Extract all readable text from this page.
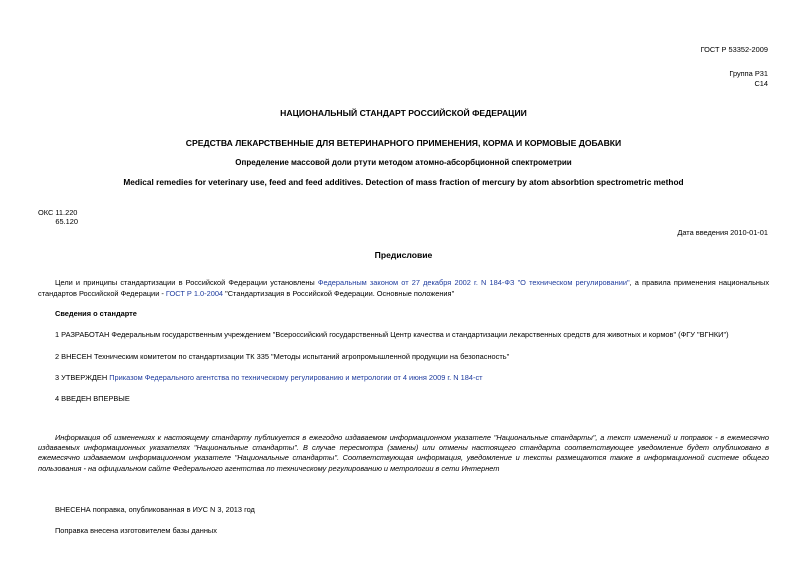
ГОСТ Р 53352-2009
Группа Р31
С14
НАЦИОНАЛЬНЫЙ СТАНДАРТ РОССИЙСКОЙ ФЕДЕРАЦИИ
СРЕДСТВА ЛЕКАРСТВЕННЫЕ ДЛЯ ВЕТЕРИНАРНОГО ПРИМЕНЕНИЯ, КОРМА И КОРМОВЫЕ ДОБАВКИ
Определение массовой доли ртути методом атомно-абсорбционной спектрометрии
Medical remedies for veterinary use, feed and feed additives. Detection of mass fraction of mercury by atom absorbtion spectrometric method
ОКС 11.220
65.120
Дата введения 2010-01-01
Предисловие
Цели и принципы стандартизации в Российской Федерации установлены Федеральным законом от 27 декабря 2002 г. N 184-ФЗ "О техническом регулировании", а правила применения национальных стандартов Российской Федерации - ГОСТ Р 1.0-2004 "Стандартизация в Российской Федерации. Основные положения"
Сведения о стандарте
1 РАЗРАБОТАН Федеральным государственным учреждением "Всероссийский государственный Центр качества и стандартизации лекарственных средств для животных и кормов" (ФГУ "ВГНКИ")
2 ВНЕСЕН Техническим комитетом по стандартизации ТК 335 "Методы испытаний агропромышленной продукции на безопасность"
3 УТВЕРЖДЕН Приказом Федерального агентства по техническому регулированию и метрологии от 4 июня 2009 г. N 184-ст
4 ВВЕДЕН ВПЕРВЫЕ
Информация об изменениях к настоящему стандарту публикуется в ежегодно издаваемом информационном указателе "Национальные стандарты", а текст изменений и поправок - в ежемесячно издаваемых информационных указателях "Национальные стандарты". В случае пересмотра (замены) или отмены настоящего стандарта соответствующее уведомление будет опубликовано в ежемесячно издаваемом информационном указателе "Национальные стандарты". Соответствующая информация, уведомление и тексты размещаются также в информационной системе общего пользования - на официальном сайте Федерального агентства по техническому регулированию и метрологии в сети Интернет
ВНЕСЕНА поправка, опубликованная в ИУС N 3, 2013 год
Поправка внесена изготовителем базы данных
